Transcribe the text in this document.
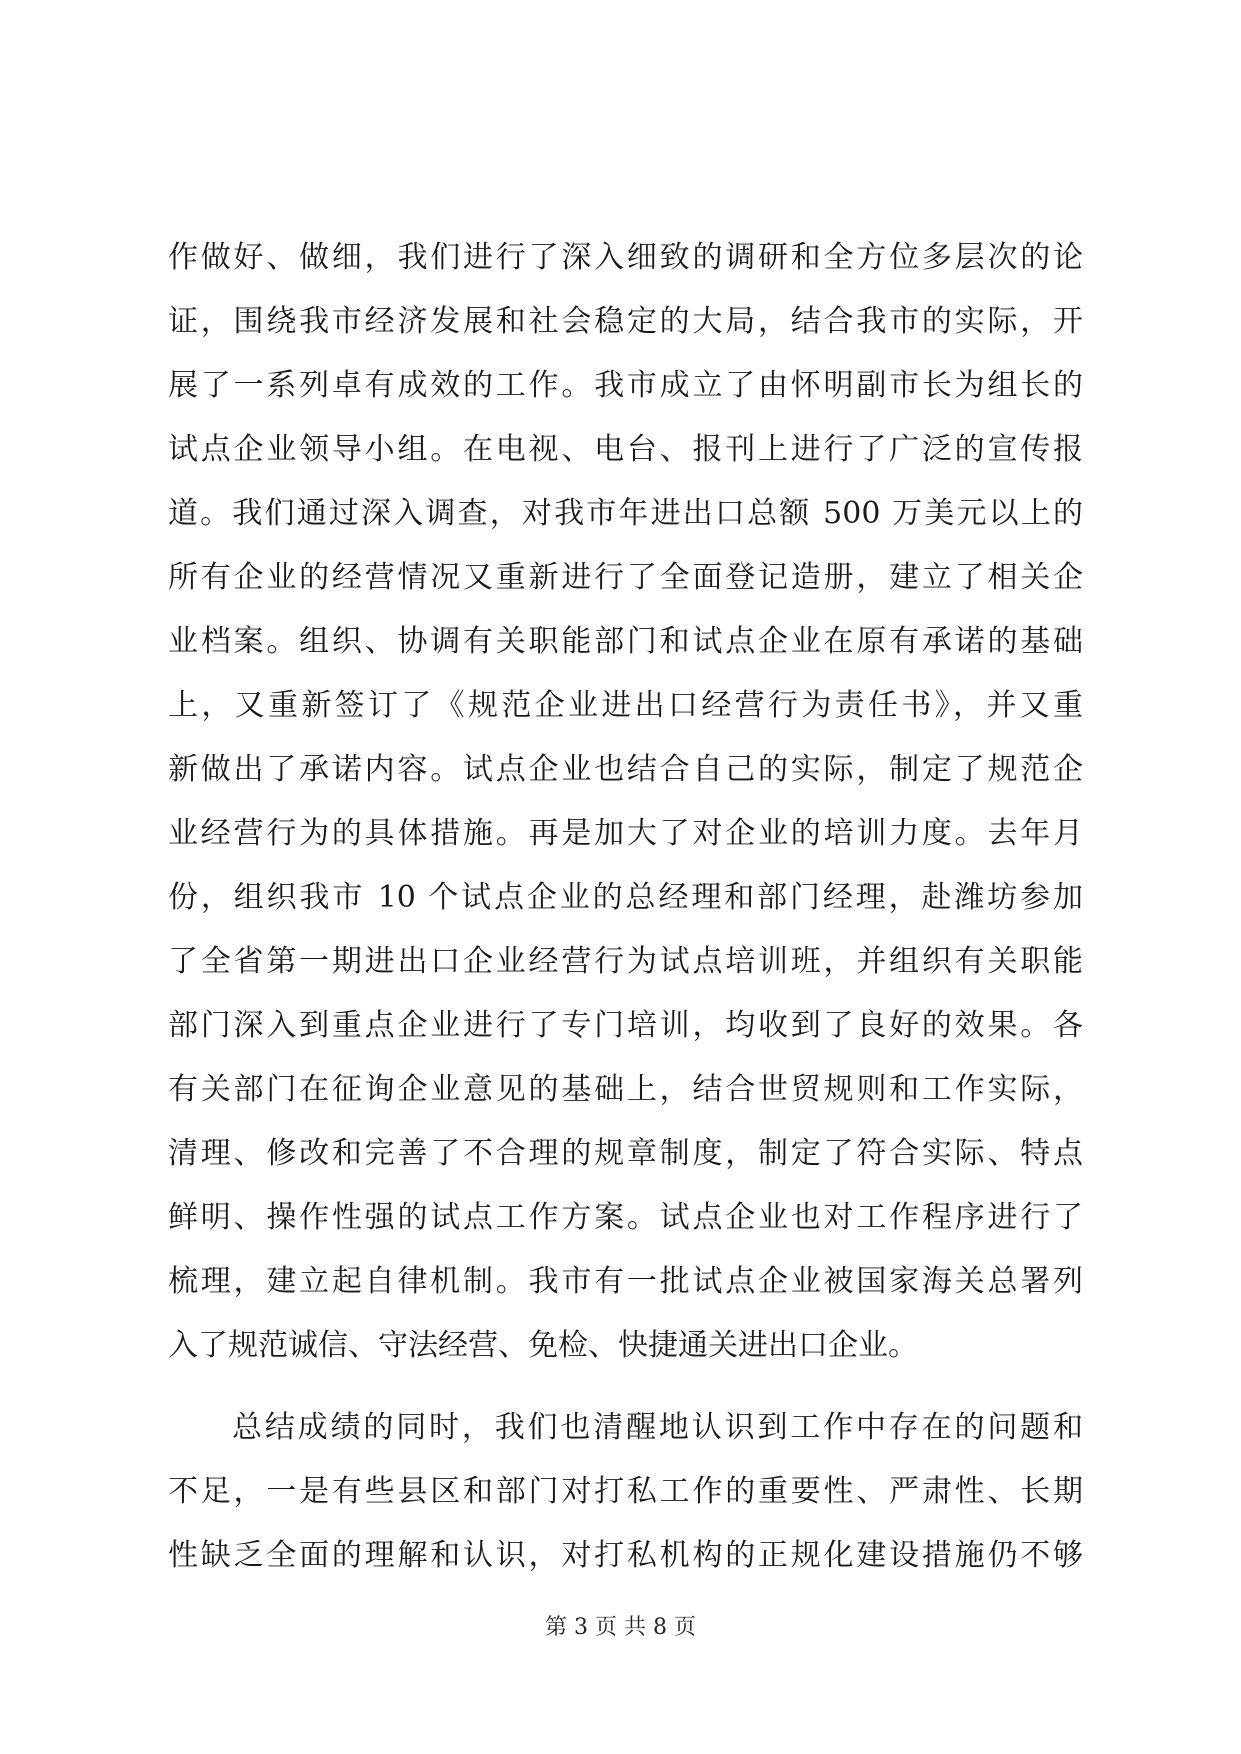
作做好、做细，我们进行了深入细致的调研和全方位多层次的论
证，围绕我市经济发展和社会稳定的大局，结合我市的实际，开
展了一系列卓有成效的工作。我市成立了由怀明副市长为组长的
试点企业领导小组。在电视、电台、报刊上进行了广泛的宣传报
道。我们通过深入调查，对我市年进出口总额 500 万美元以上的
所有企业的经营情况又重新进行了全面登记造册，建立了相关企
业档案。组织、协调有关职能部门和试点企业在原有承诺的基础
上，又重新签订了《规范企业进出口经营行为责任书》，并又重
新做出了承诺内容。试点企业也结合自己的实际，制定了规范企
业经营行为的具体措施。再是加大了对企业的培训力度。去年月
份，组织我市 10 个试点企业的总经理和部门经理，赴潍坊参加
了全省第一期进出口企业经营行为试点培训班，并组织有关职能
部门深入到重点企业进行了专门培训，均收到了良好的效果。各
有关部门在征询企业意见的基础上，结合世贸规则和工作实际，
清理、修改和完善了不合理的规章制度，制定了符合实际、特点
鲜明、操作性强的试点工作方案。试点企业也对工作程序进行了
梳理，建立起自律机制。我市有一批试点企业被国家海关总署列
入了规范诚信、守法经营、免检、快捷通关进出口企业。
总结成绩的同时，我们也清醒地认识到工作中存在的问题和
不足，一是有些县区和部门对打私工作的重要性、严肃性、长期
性缺乏全面的理解和认识，对打私机构的正规化建设措施仍不够
第 3 页 共 8 页
